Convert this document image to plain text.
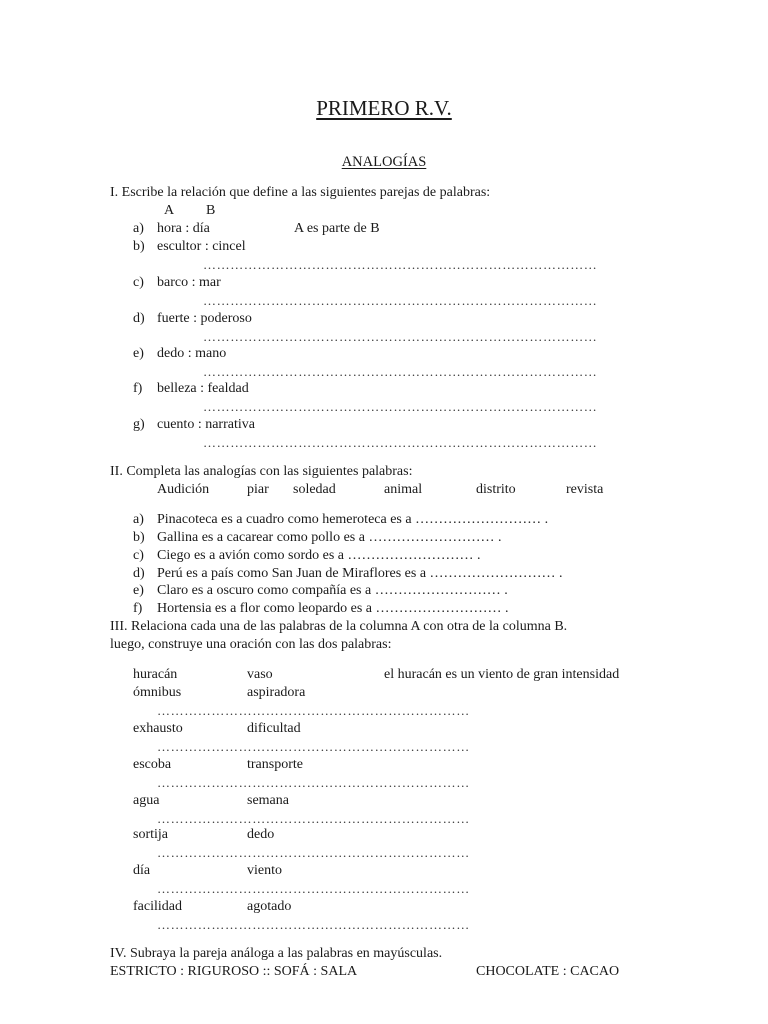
PRIMERO R.V.
ANALOGÍAS
I. Escribe la relación que define a las siguientes parejas de palabras:
A B
a) hora : día	A es parte de B
b) escultor : cincel
……………………………………………………………………………
c) barco : mar
……………………………………………………………………………
d) fuerte : poderoso
……………………………………………………………………………
e) dedo : mano
……………………………………………………………………………
f) belleza : fealdad
……………………………………………………………………………
g) cuento : narrativa
……………………………………………………………………………
II. Completa las analogías con las siguientes palabras:
Audición	piar soledad	animal	distrito	revista
a) Pinacoteca es a cuadro como hemeroteca es a ……………………… .
b) Gallina es a cacarear como pollo es a ……………………… .
c) Ciego es a avión como sordo es a ……………………… .
d) Perú es a país como San Juan de Miraflores es a ……………………… .
e) Claro es a oscuro como compañía es a ……………………… .
f) Hortensia es a flor como leopardo es a ……………………… .
III. Relaciona cada una de las palabras de la columna A con otra de la columna B.
luego, construye una oración con las dos palabras:
huracán	vaso	el huracán es un viento de gran intensidad
ómnibus	aspiradora
……………………………………………………………
exhausto	dificultad
……………………………………………………………
escoba	transporte
……………………………………………………………
agua	semana
……………………………………………………………
sortija	dedo
……………………………………………………………
día	viento
……………………………………………………………
facilidad	agotado
……………………………………………………………
IV. Subraya la pareja análoga a las palabras en mayúsculas.
ESTRICTO : RIGUROSO :: SOFÁ : SALA	CHOCOLATE : CACAO
